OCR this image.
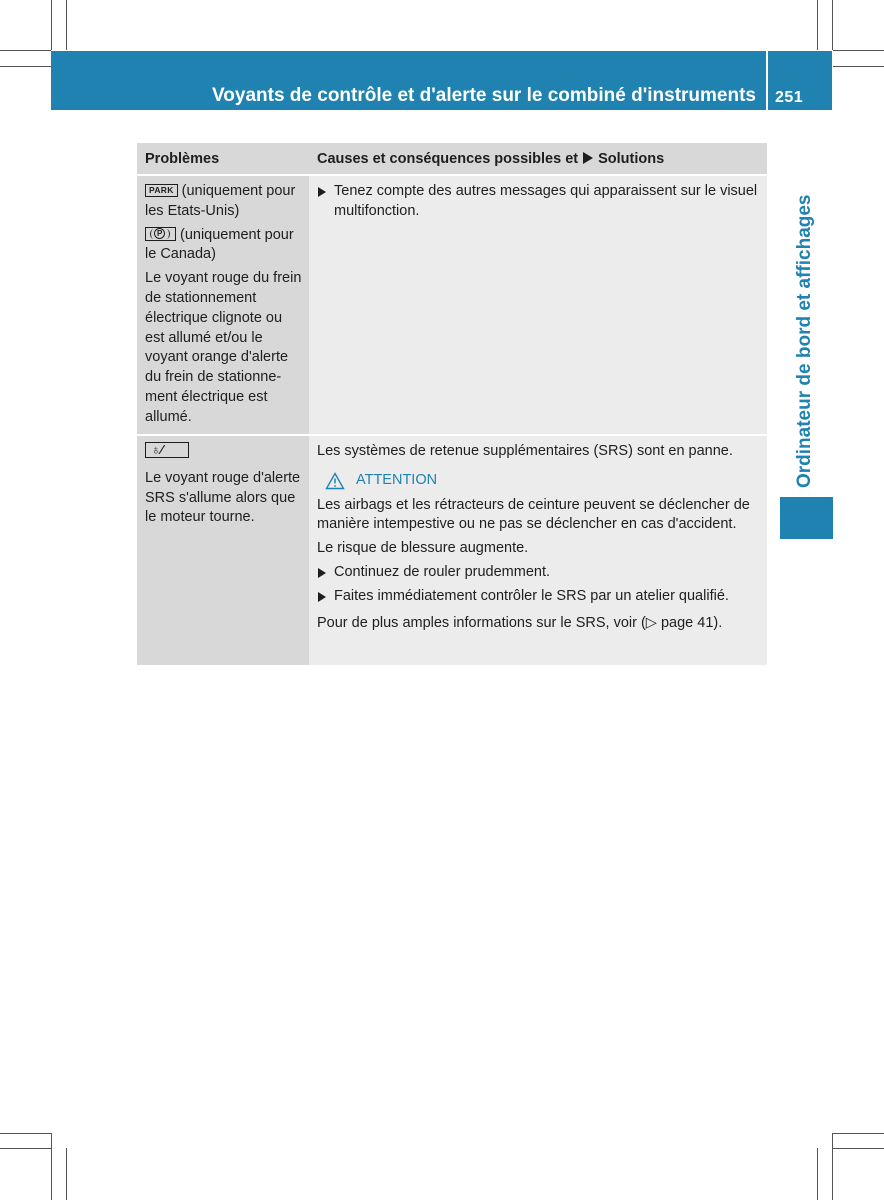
Voyants de contrôle et d'alerte sur le combiné d'instruments 251
Ordinateur de bord et affichages
Problèmes	Causes et conséquences possibles et Solutions

PARK (uniquement pour les Etats-Unis)

P (uniquement pour le Canada)

Le voyant rouge du frein de stationnement électrique clignote ou est allumé et/ou le voyant orange d'alerte du frein de stationnement électrique est allumé.

Tenez compte des autres messages qui apparaissent sur le visuel multifonction.

♁∕

Le voyant rouge d'alerte SRS s'allume alors que le moteur tourne.

Les systèmes de retenue supplémentaires (SRS) sont en panne.

ATTENTION

Les airbags et les rétracteurs de ceinture peuvent se déclencher de manière intempestive ou ne pas se déclencher en cas d'accident.

Le risque de blessure augmente.

Continuez de rouler prudemment.
Faites immédiatement contrôler le SRS par un atelier qualifié.

Pour de plus amples informations sur le SRS, voir (▷ page 41).
